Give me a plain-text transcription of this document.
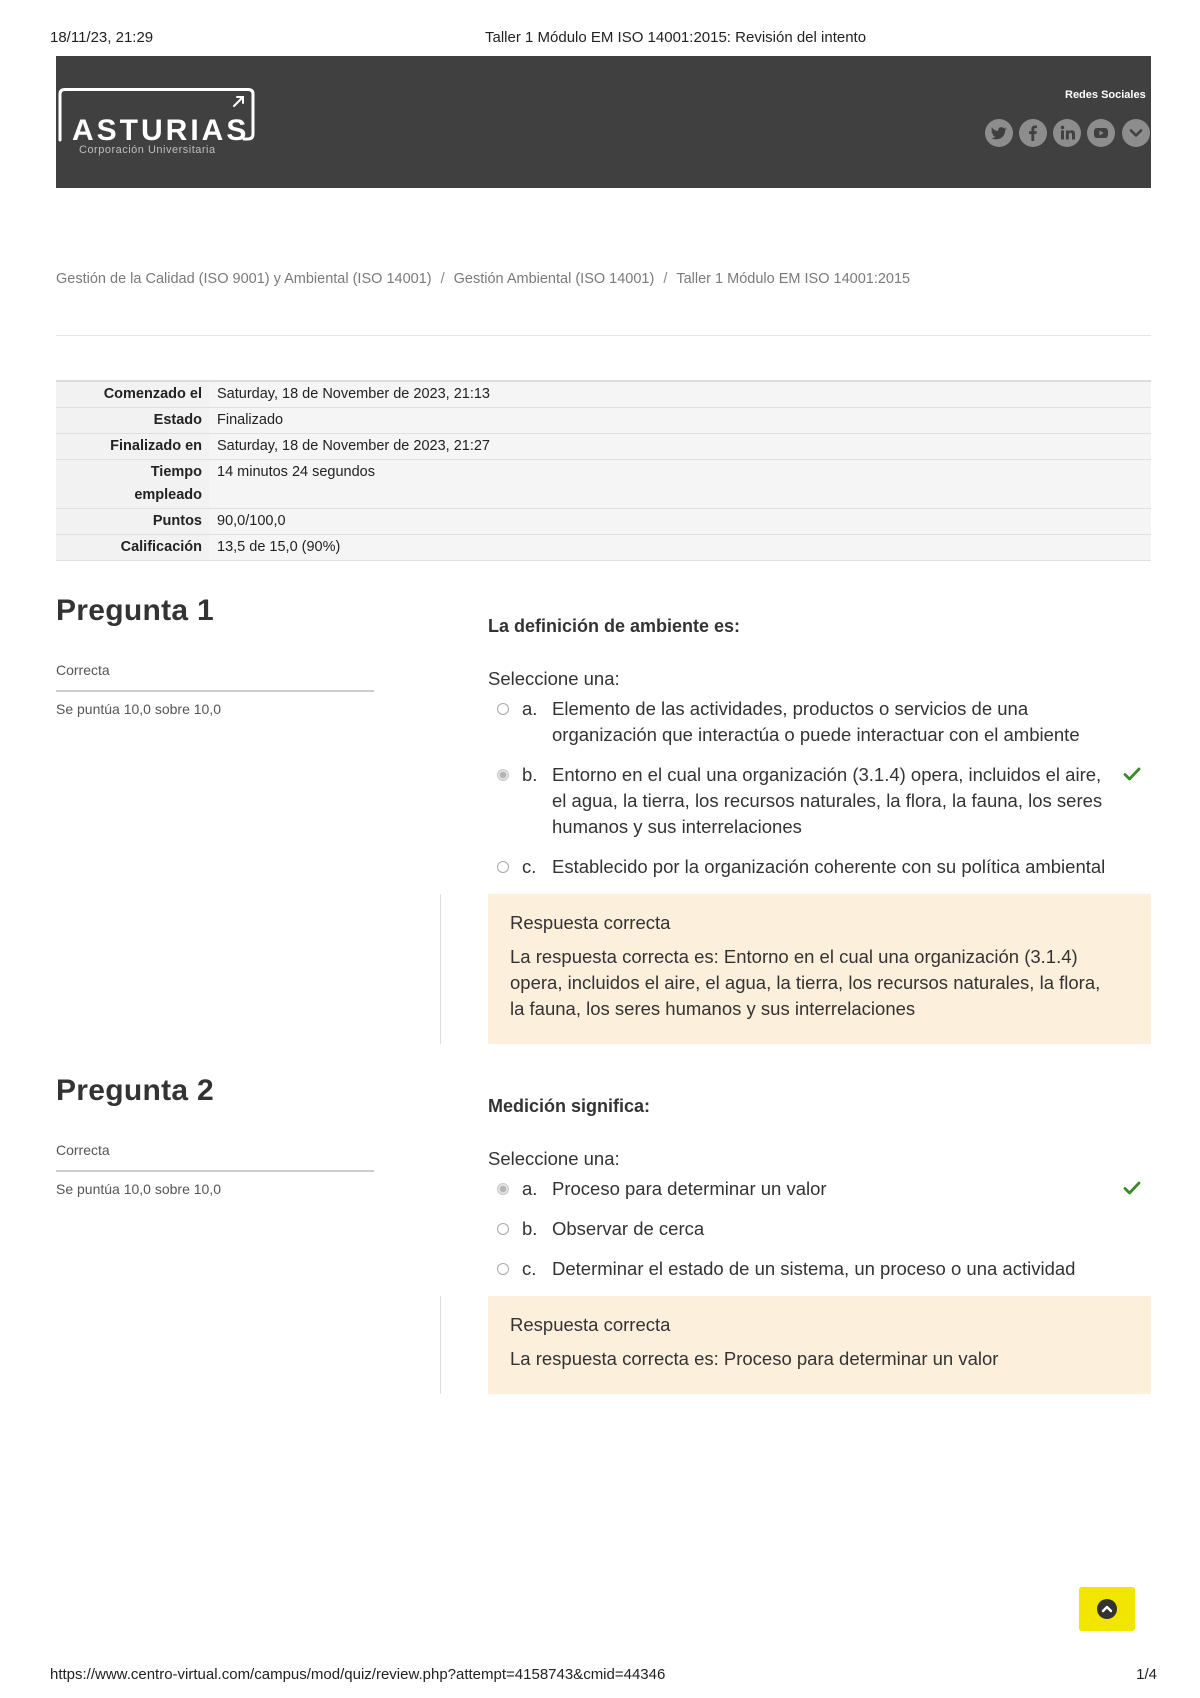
18/11/23, 21:29	Taller 1 Módulo EM ISO 14001:2015: Revisión del intento
ASTURIAS
Corporación Universitaria
Redes Sociales
Gestión de la Calidad (ISO 9001) y Ambiental (ISO 14001) / Gestión Ambiental (ISO 14001) / Taller 1 Módulo EM ISO 14001:2015
Comenzado el	Saturday, 18 de November de 2023, 21:13
Estado	Finalizado
Finalizado en	Saturday, 18 de November de 2023, 21:27
Tiempo empleado	14 minutos 24 segundos
Puntos	90,0/100,0
Calificación	13,5 de 15,0 (90%)
Pregunta 1
Correcta
Se puntúa 10,0 sobre 10,0
La definición de ambiente es:
Seleccione una:
a. Elemento de las actividades, productos o servicios de una organización que interactúa o puede interactuar con el ambiente
b. Entorno en el cual una organización (3.1.4) opera, incluidos el aire, el agua, la tierra, los recursos naturales, la flora, la fauna, los seres humanos y sus interrelaciones
c. Establecido por la organización coherente con su política ambiental
Respuesta correcta
La respuesta correcta es: Entorno en el cual una organización (3.1.4) opera, incluidos el aire, el agua, la tierra, los recursos naturales, la flora, la fauna, los seres humanos y sus interrelaciones
Pregunta 2
Correcta
Se puntúa 10,0 sobre 10,0
Medición significa:
Seleccione una:
a. Proceso para determinar un valor
b. Observar de cerca
c. Determinar el estado de un sistema, un proceso o una actividad
Respuesta correcta
La respuesta correcta es: Proceso para determinar un valor
https://www.centro-virtual.com/campus/mod/quiz/review.php?attempt=4158743&cmid=44346	1/4
